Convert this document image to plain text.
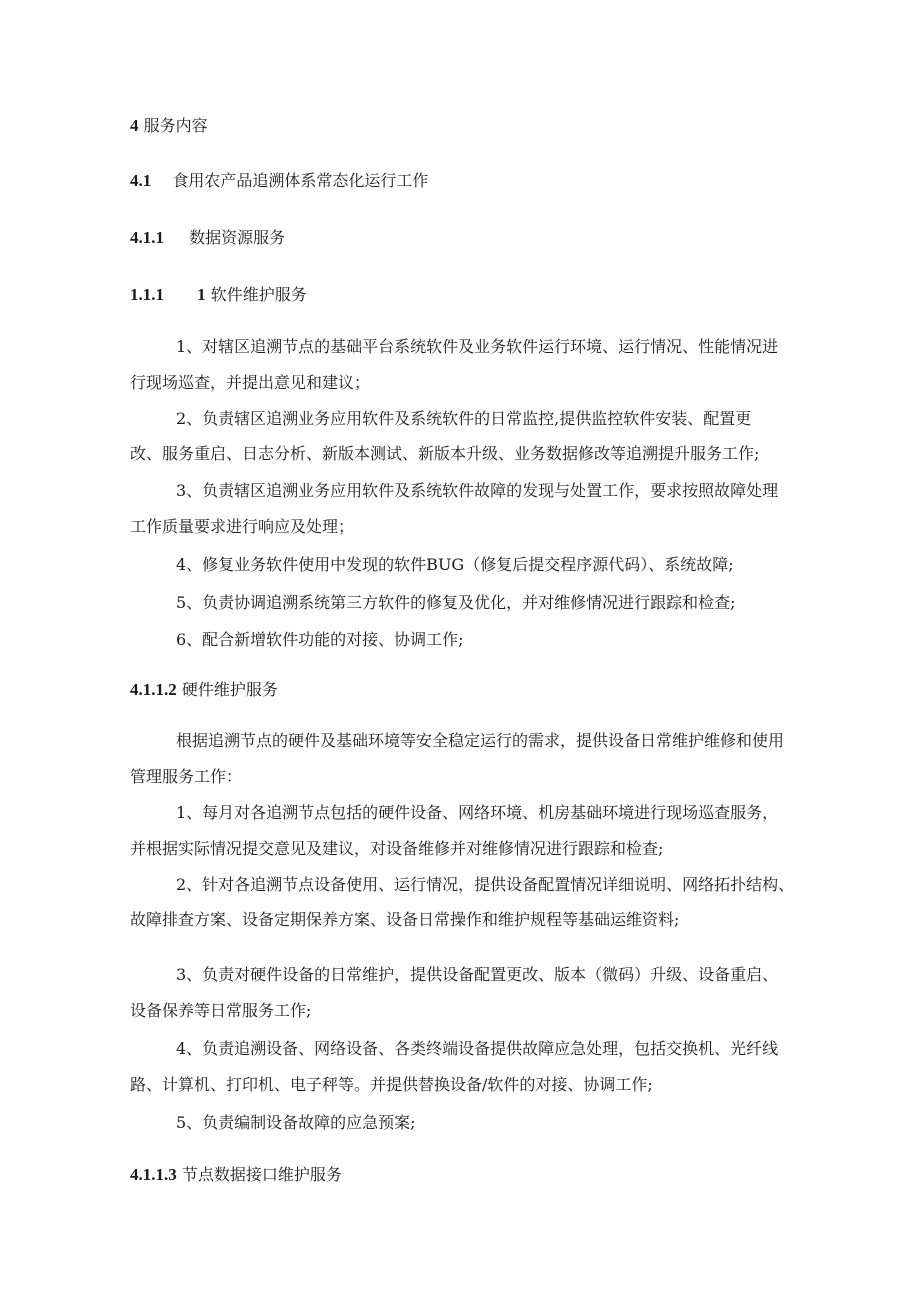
4 服务内容
4.1 食用农产品追溯体系常态化运行工作
4.1.1 数据资源服务
1.1.1 1 软件维护服务
1、对辖区追溯节点的基础平台系统软件及业务软件运行环境、运行情况、性能情况进
行现场巡查，并提出意见和建议；
2、负责辖区追溯业务应用软件及系统软件的日常监控,提供监控软件安装、配置更
改、服务重启、日志分析、新版本测试、新版本升级、业务数据修改等追溯提升服务工作;
3、负责辖区追溯业务应用软件及系统软件故障的发现与处置工作，要求按照故障处理
工作质量要求进行响应及处理；
4、修复业务软件使用中发现的软件BUG（修复后提交程序源代码）、系统故障;
5、负责协调追溯系统第三方软件的修复及优化，并对维修情况进行跟踪和检查;
6、配合新增软件功能的对接、协调工作;
4.1.1.2 硬件维护服务
根据追溯节点的硬件及基础环境等安全稳定运行的需求，提供设备日常维护维修和使用
管理服务工作：
1、每月对各追溯节点包括的硬件设备、网络环境、机房基础环境进行现场巡查服务，
并根据实际情况提交意见及建议，对设备维修并对维修情况进行跟踪和检查;
2、针对各追溯节点设备使用、运行情况，提供设备配置情况详细说明、网络拓扑结构、
故障排查方案、设备定期保养方案、设备日常操作和维护规程等基础运维资料;
3、负责对硬件设备的日常维护，提供设备配置更改、版本（微码）升级、设备重启、
设备保养等日常服务工作;
4、负责追溯设备、网络设备、各类终端设备提供故障应急处理，包括交换机、光纤线
路、计算机、打印机、电子秤等。并提供替换设备/软件的对接、协调工作;
5、负责编制设备故障的应急预案;
4.1.1.3 节点数据接口维护服务
